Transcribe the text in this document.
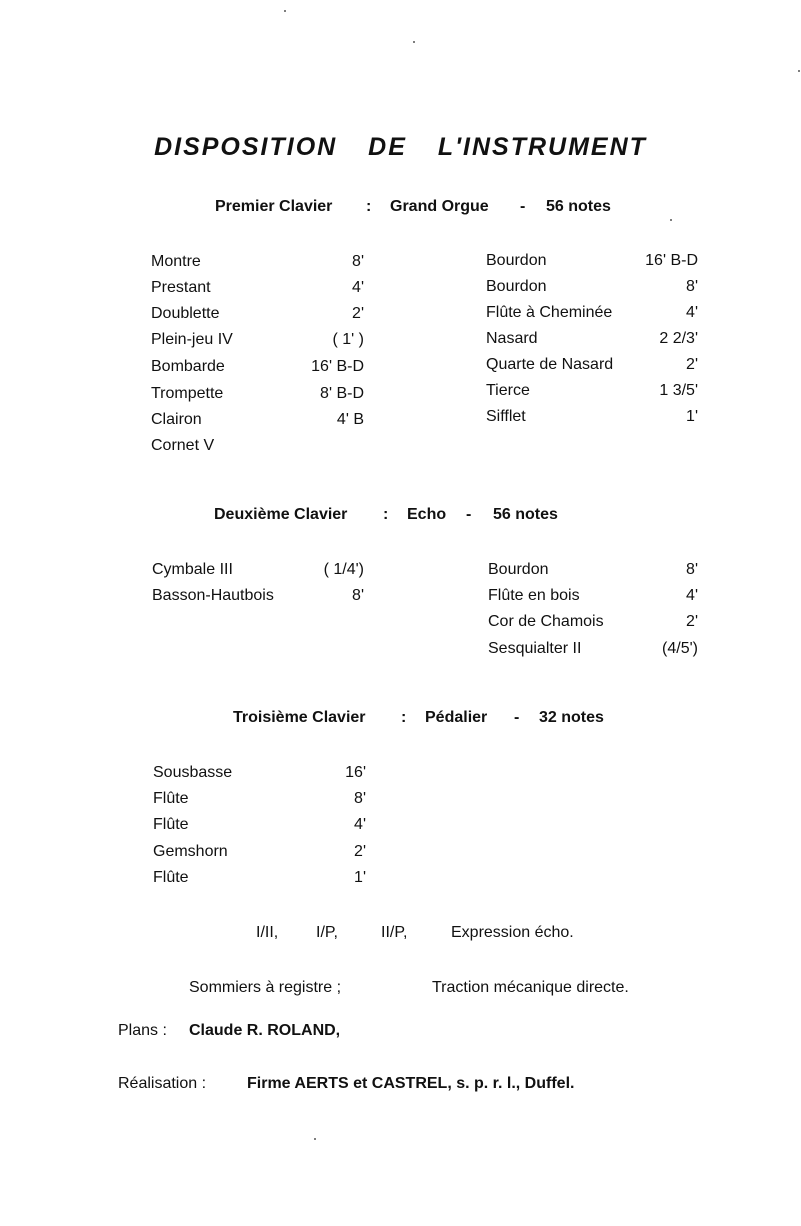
DISPOSITION DE L'INSTRUMENT
Premier Clavier : Grand Orgue - 56 notes
Montre	8'
Prestant	4'
Doublette	2'
Plein-jeu IV	( 1' )
Bombarde	16' B-D
Trompette	8' B-D
Clairon	4' B
Cornet V
Bourdon	16' B-D
Bourdon	8'
Flûte à Cheminée	4'
Nasard	2 2/3'
Quarte de Nasard	2'
Tierce	1 3/5'
Sifflet	1'
Deuxième Clavier : Echo - 56 notes
Cymbale III	( 1/4')
Basson-Hautbois	8'
Bourdon	8'
Flûte en bois	4'
Cor de Chamois	2'
Sesquialter II	(4/5')
Troisième Clavier : Pédalier - 32 notes
Sousbasse	16'
Flûte	8'
Flûte	4'
Gemshorn	2'
Flûte	1'
I/II, I/P,	II/P,	Expression écho.
Sommiers à registre ;	Traction mécanique directe.
Plans : Claude R. ROLAND,
Réalisation :	Firme AERTS et CASTREL, s. p. r. l., Duffel.
